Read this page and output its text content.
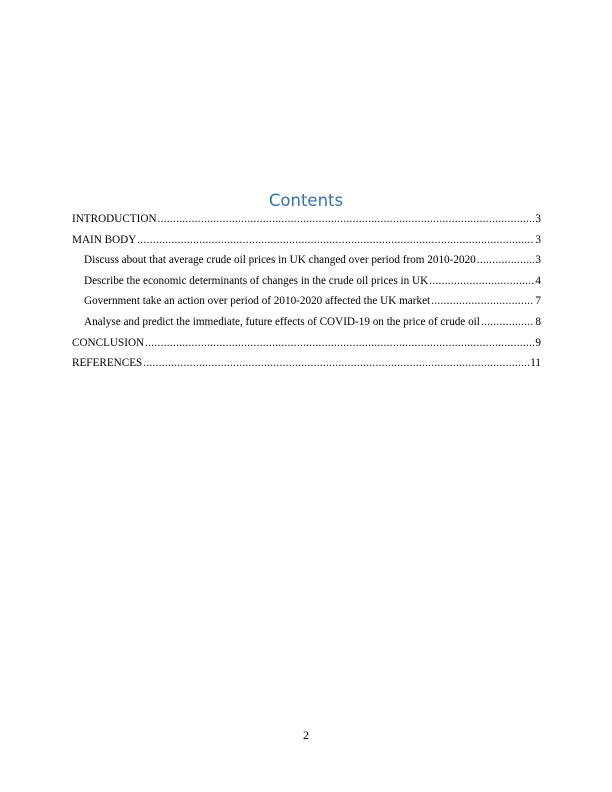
Contents
INTRODUCTION .....	3
MAIN BODY .....	3
Discuss about that average crude oil prices in UK changed over period from 2010-2020 .....	3
Describe the economic determinants of changes in the crude oil prices in UK .....	4
Government take an action over period of 2010-2020 affected the UK market .....	7
Analyse and predict the immediate, future effects of COVID-19 on the price of crude oil .....	8
CONCLUSION .....	9
REFERENCES .....	11
2
